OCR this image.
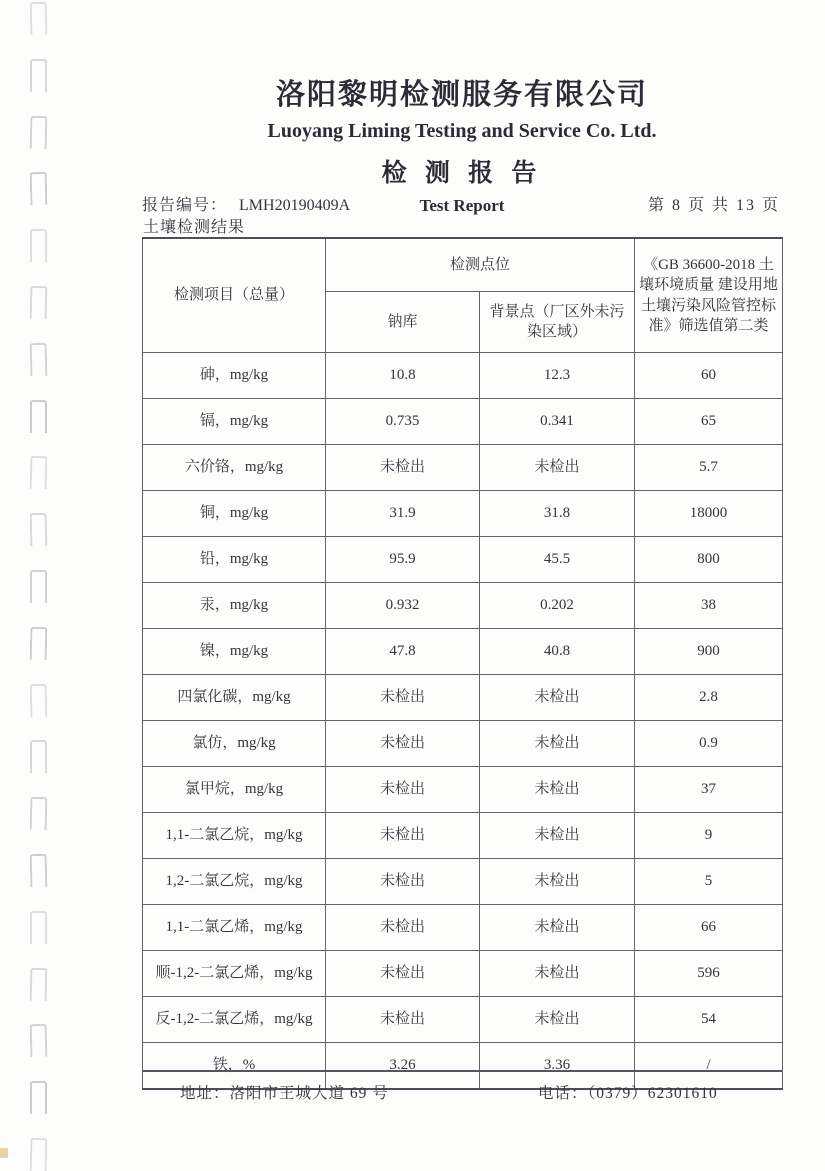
洛阳黎明检测服务有限公司
Luoyang Liming Testing and Service Co. Ltd.
检 测 报 告
Test Report
报告编号： LMH20190409A	第 8 页 共 13 页
土壤检测结果
检测项目（总量）	检测点位		《GB 36600-2018 土壤环境质量 建设用地土壤污染风险管控标准》筛选值第二类
	钠库	背景点（厂区外未污染区域）	
砷，mg/kg	10.8	12.3	60
镉，mg/kg	0.735	0.341	65
六价铬，mg/kg	未检出	未检出	5.7
铜，mg/kg	31.9	31.8	18000
铅，mg/kg	95.9	45.5	800
汞，mg/kg	0.932	0.202	38
镍，mg/kg	47.8	40.8	900
四氯化碳，mg/kg	未检出	未检出	2.8
氯仿，mg/kg	未检出	未检出	0.9
氯甲烷，mg/kg	未检出	未检出	37
1,1-二氯乙烷，mg/kg	未检出	未检出	9
1,2-二氯乙烷，mg/kg	未检出	未检出	5
1,1-二氯乙烯，mg/kg	未检出	未检出	66
顺-1,2-二氯乙烯，mg/kg	未检出	未检出	596
反-1,2-二氯乙烯，mg/kg	未检出	未检出	54
铁，%	3.26	3.36	/
地址：洛阳市王城大道 69 号	电话：（0379）62301610
